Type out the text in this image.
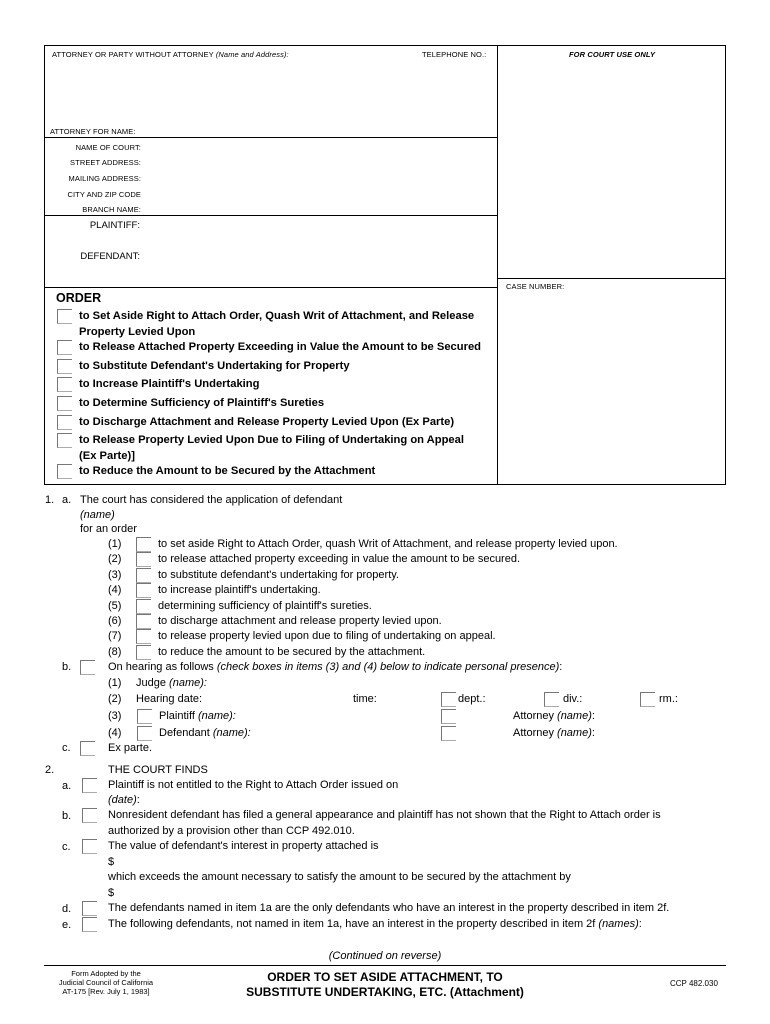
ATTORNEY OR PARTY WITHOUT ATTORNEY (Name and Address):	TELEPHONE NO.:	FOR COURT USE ONLY
ATTORNEY FOR NAME:
NAME OF COURT:
STREET ADDRESS:
MAILING ADDRESS:
CITY AND ZIP CODE
BRANCH NAME:
PLAINTIFF:
DEFENDANT:
CASE NUMBER:
ORDER
to Set Aside Right to Attach Order, Quash Writ of Attachment, and Release
Property Levied Upon
to Release Attached Property Exceeding in Value the Amount to be Secured
to Substitute Defendant's Undertaking for Property
to Increase Plaintiff's Undertaking
to Determine Sufficiency of Plaintiff's Sureties
to Discharge Attachment and Release Property Levied Upon (Ex Parte)
to Release Property Levied Upon Due to Filing of Undertaking on Appeal
(Ex Parte)]
to Reduce the Amount to be Secured by the Attachment
1. a. The court has considered the application of defendant
(name)
for an order
(1)	to set aside Right to Attach Order, quash Writ of Attachment, and release property levied upon.
(2)	to release attached property exceeding in value the amount to be secured.
(3)	to substitute defendant's undertaking for property.
(4)	to increase plaintiff's undertaking.
(5)	determining sufficiency of plaintiff's sureties.
(6)	to discharge attachment and release property levied upon.
(7)	to release property levied upon due to filing of undertaking on appeal.
(8)	to reduce the amount to be secured by the attachment.
b.	On hearing as follows (check boxes in items (3) and (4) below to indicate personal presence):
(1) Judge (name):
(2) Hearing date:	time:	dept.:	div.:	rm.:
(3)	Plaintiff (name):	Attorney (name):
(4)	Defendant (name):	Attorney (name):
c.	Ex parte.
2.	THE COURT FINDS
a.	Plaintiff is not entitled to the Right to Attach Order issued on
(date):
b.	Nonresident defendant has filed a general appearance and plaintiff has not shown that the Right to Attach order is
authorized by a provision other than CCP 492.010.
c.	The value of defendant's interest in property attached is
$
which exceeds the amount necessary to satisfy the amount to be secured by the attachment by
$
d.	The defendants named in item 1a are the only defendants who have an interest in the property described in item 2f.
e.	The following defendants, not named in item 1a, have an interest in the property described in item 2f (names):
(Continued on reverse)
Form Adopted by the
Judicial Council of California
AT-175 [Rev. July 1, 1983]
ORDER TO SET ASIDE ATTACHMENT, TO
SUBSTITUTE UNDERTAKING, ETC. (Attachment)
CCP 482.030
